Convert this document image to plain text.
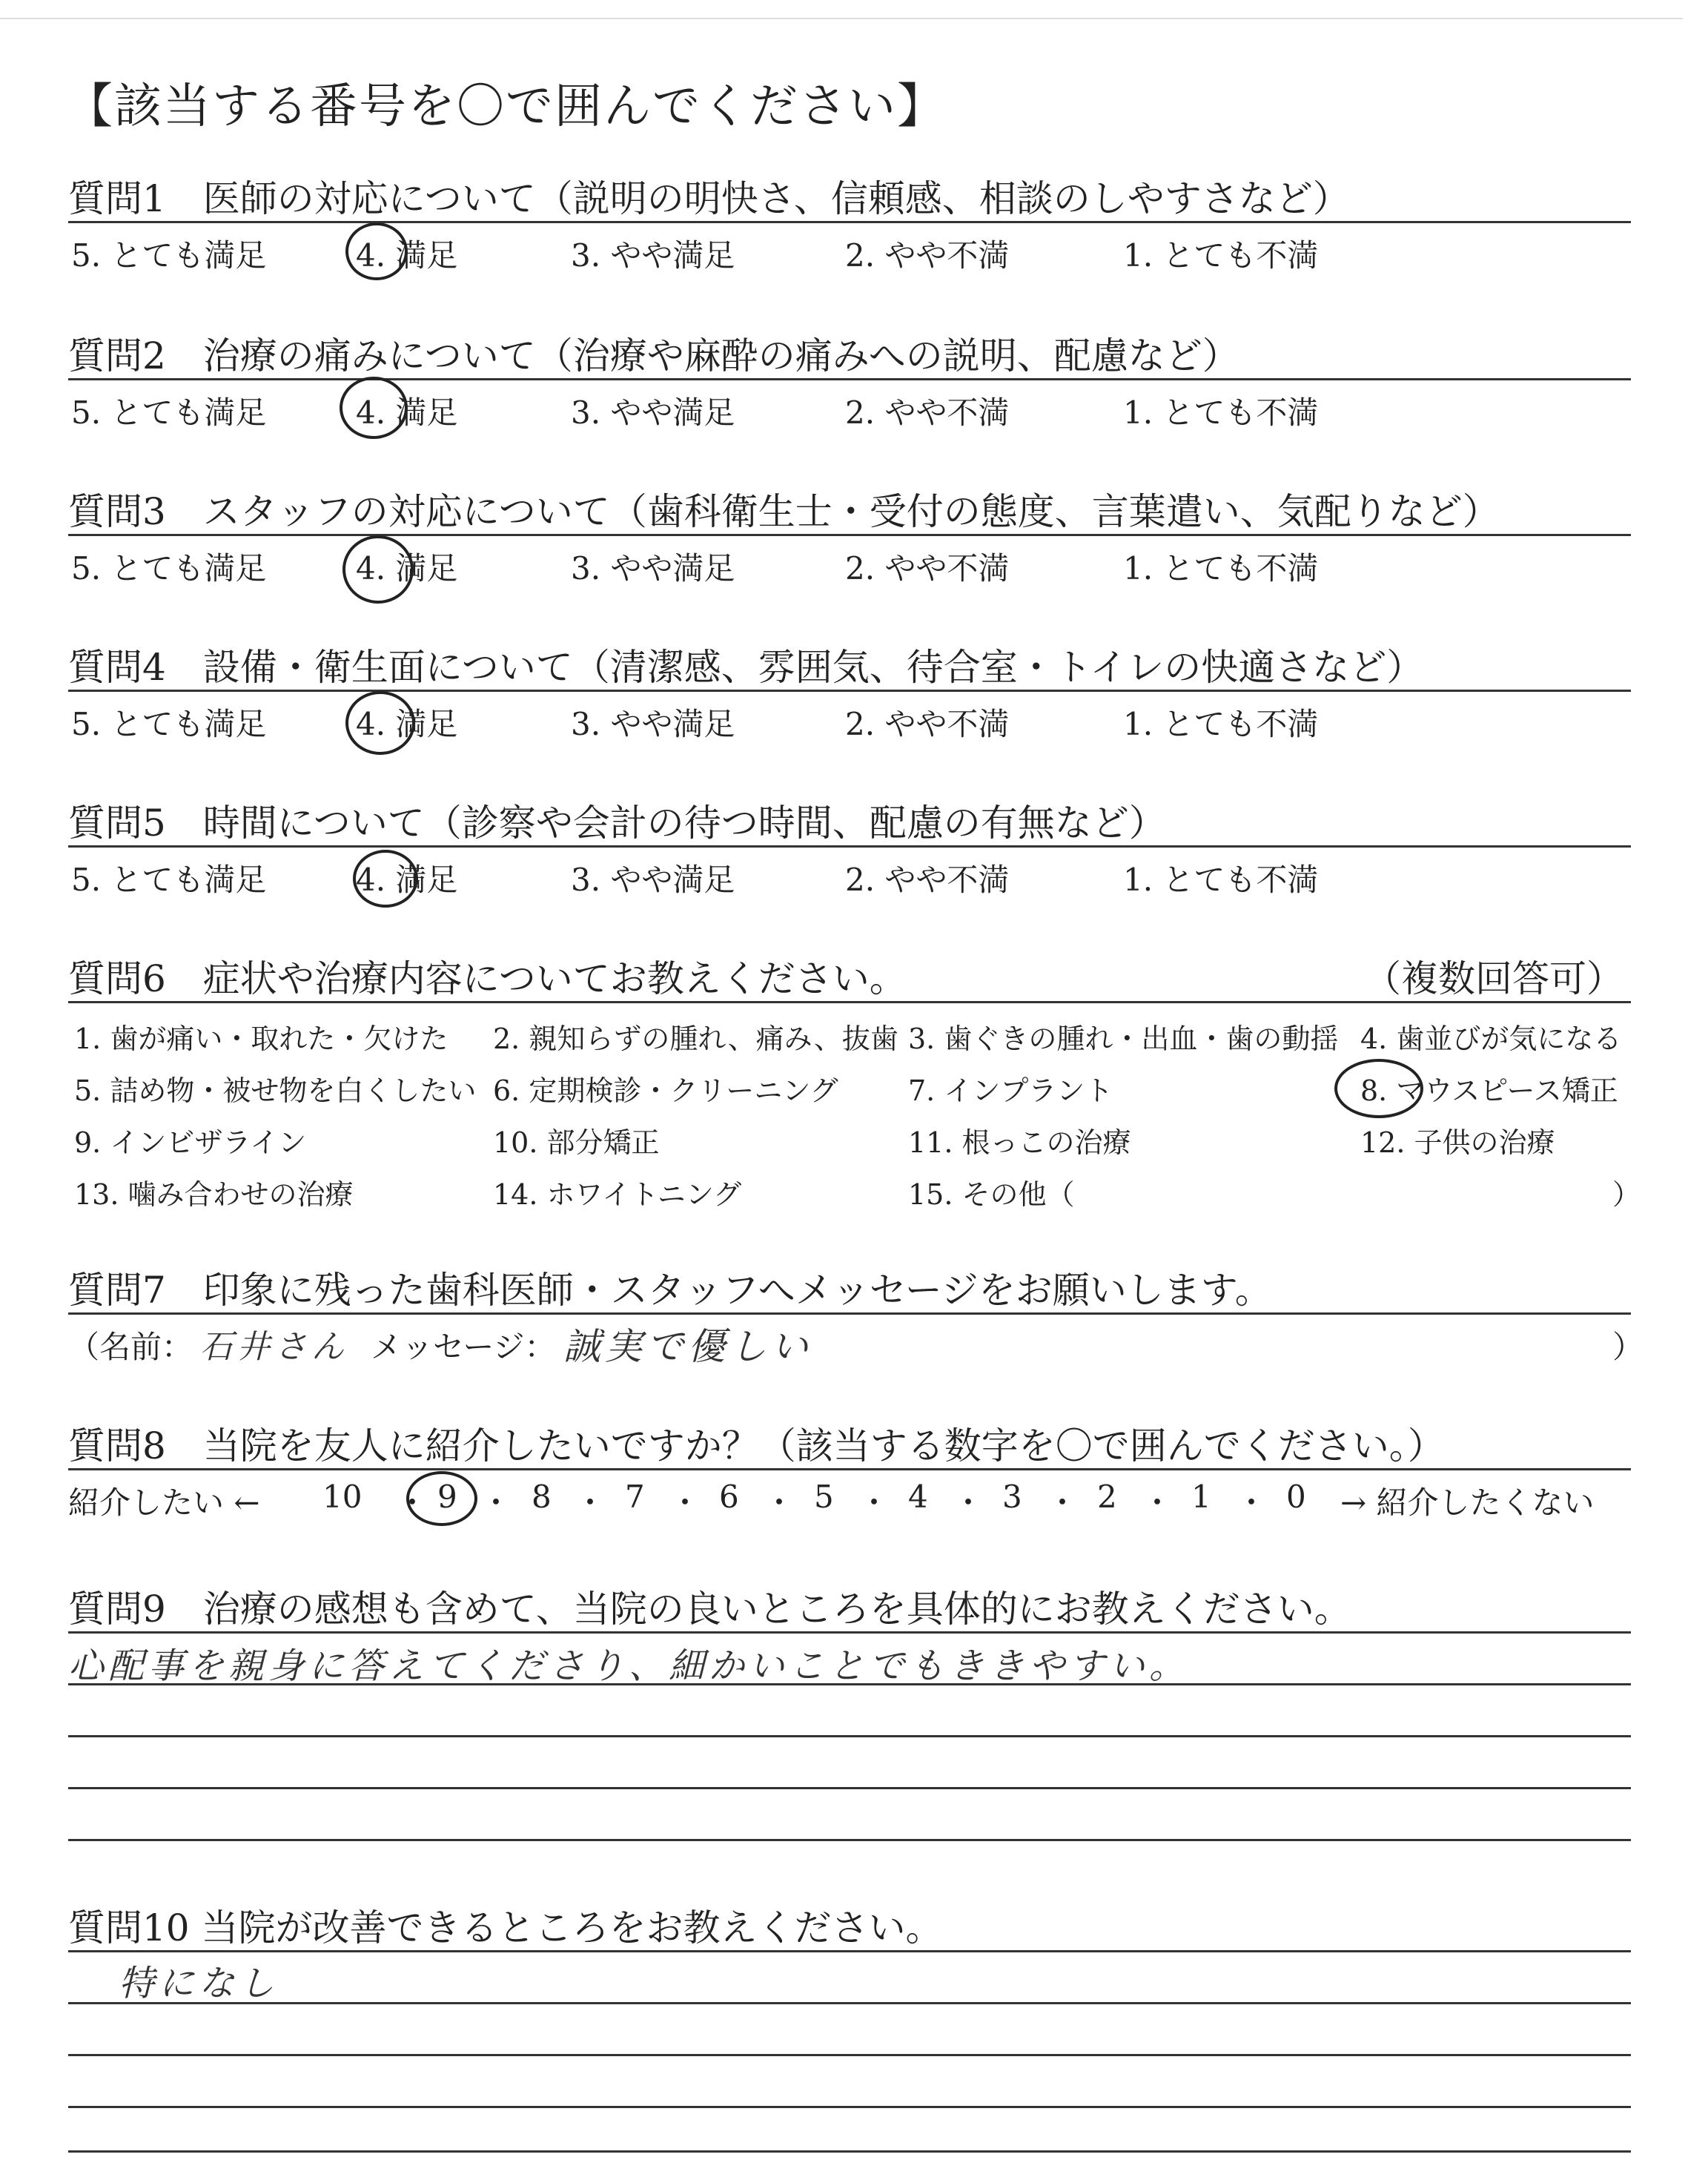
【該当する番号を〇で囲んでください】
質問1　医師の対応について（説明の明快さ、信頼感、相談のしやすさなど）
5. とても満足	4. 満足	3. やや満足	2. やや不満	1. とても不満
質問2　治療の痛みについて（治療や麻酔の痛みへの説明、配慮など）
5. とても満足	4. 満足	3. やや満足	2. やや不満	1. とても不満
質問3　スタッフの対応について（歯科衛生士・受付の態度、言葉遣い、気配りなど）
5. とても満足	4. 満足	3. やや満足	2. やや不満	1. とても不満
質問4　設備・衛生面について（清潔感、雰囲気、待合室・トイレの快適さなど）
5. とても満足	4. 満足	3. やや満足	2. やや不満	1. とても不満
質問5　時間について（診察や会計の待つ時間、配慮の有無など）
5. とても満足	4. 満足	3. やや満足	2. やや不満	1. とても不満
質問6　症状や治療内容についてお教えください。	（複数回答可）
1. 歯が痛い・取れた・欠けた 2. 親知らずの腫れ、痛み、抜歯 3. 歯ぐきの腫れ・出血・歯の動揺 4. 歯並びが気になる
5. 詰め物・被せ物を白くしたい 6. 定期検診・クリーニング 7. インプラント	8. マウスピース矯正
9. インビザライン	10. 部分矯正	11. 根っこの治療	12. 子供の治療
13. 噛み合わせの治療	14. ホワイトニング	15. その他（	）
質問7　印象に残った歯科医師・スタッフへメッセージをお願いします。
（名前： 石井さん メッセージ： 誠実で優しい	）
質問8　当院を友人に紹介したいですか？（該当する数字を〇で囲んでください。）
紹介したい ← 10 ・ 9 ・ 8 ・ 7 ・ 6 ・ 5 ・ 4 ・ 3 ・ 2 ・ 1 ・ 0 → 紹介したくない
質問9　治療の感想も含めて、当院の良いところを具体的にお教えください。
心配事を親身に答えてくださり、細かいことでもききやすい。
質問10 当院が改善できるところをお教えください。
特になし
